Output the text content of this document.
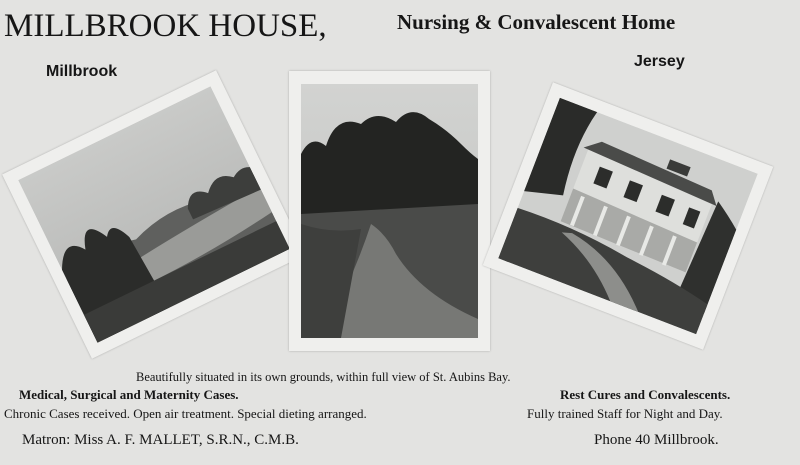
MILLBROOK HOUSE,	Nursing & Convalescent Home
Millbrook
Jersey
Beautifully situated in its own grounds, within full view of St. Aubins Bay.
Medical, Surgical and Maternity Cases.	Rest Cures and Convalescents.
Chronic Cases received. Open air treatment. Special dieting arranged.	Fully trained Staff for Night and Day.
Matron: Miss A. F. MALLET, S.R.N., C.M.B.	Phone 40 Millbrook.
